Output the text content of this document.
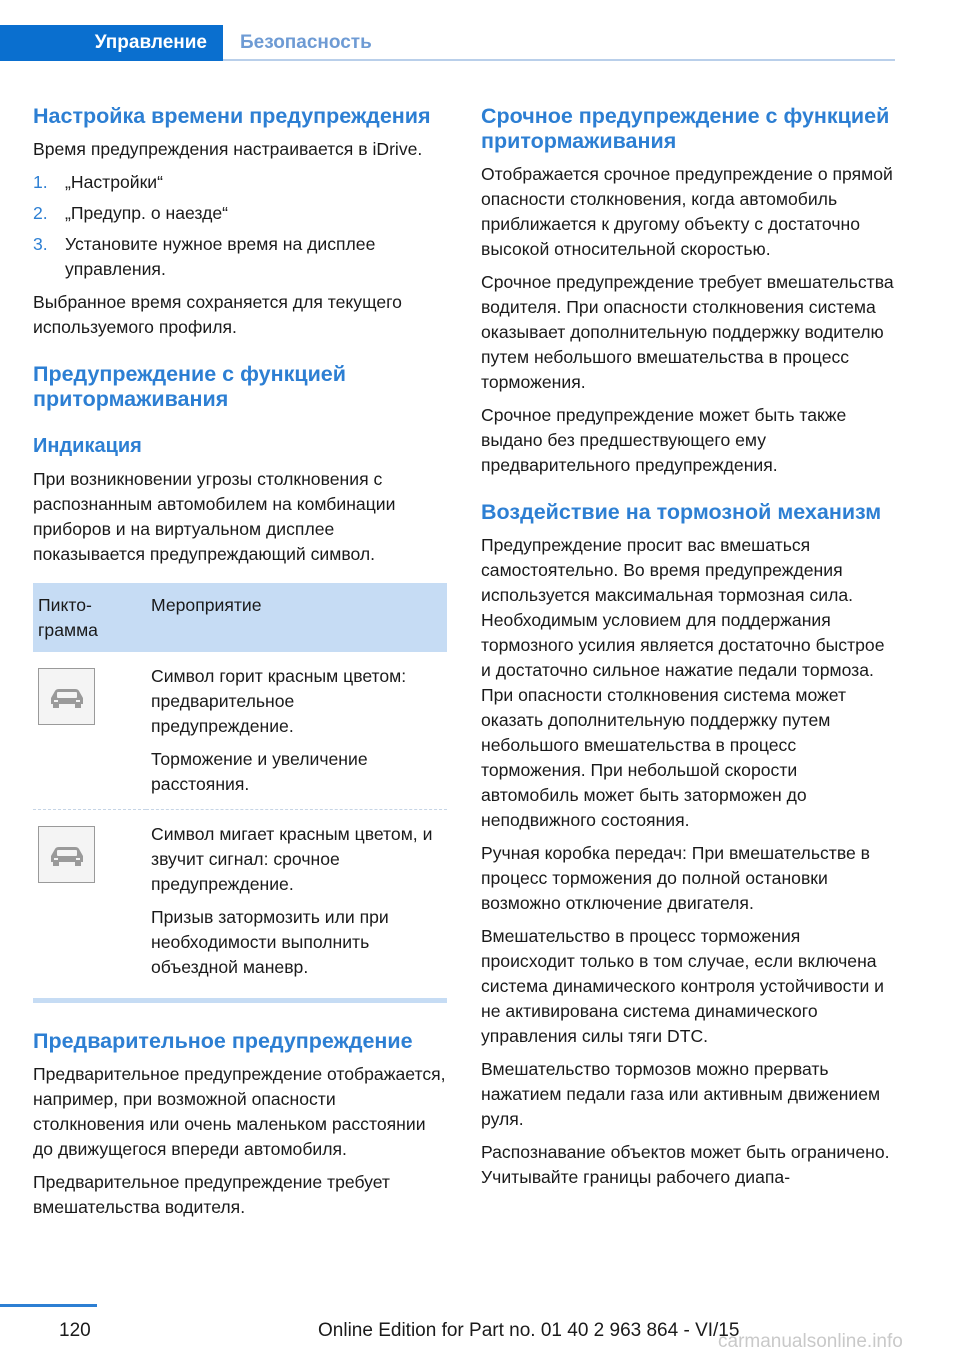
Управление	Безопасность
Настройка времени предупреждения

Время предупреждения настраивается в iDrive.

1. „Настройки“
2. „Предупр. о наезде“
3. Установите нужное время на дисплее управления.

Выбранное время сохраняется для текущего используемого профиля.

Предупреждение с функцией притормаживания
Индикация

При возникновении угрозы столкновения с распознанным автомобилем на комбинации приборов и на виртуальном дисплее показывается предупреждающий символ.

Пикто-грамма	Мероприятие

Символ горит красным цветом: предварительное предупреждение.

Торможение и увеличение расстояния.

Символ мигает красным цветом, и звучит сигнал: срочное предупреждение.

Призыв затормозить или при необходимости выполнить объездной маневр.

Предварительное предупреждение

Предварительное предупреждение отображается, например, при возможной опасности столкновения или очень маленьком расстоянии до движущегося впереди автомобиля.

Предварительное предупреждение требует вмешательства водителя.

Срочное предупреждение с функцией притормаживания

Отображается срочное предупреждение о прямой опасности столкновения, когда автомобиль приближается к другому объекту с достаточно высокой относительной скоростью.

Срочное предупреждение требует вмешательства водителя. При опасности столкновения система оказывает дополнительную поддержку водителю путем небольшого вмешательства в процесс торможения.

Срочное предупреждение может быть также выдано без предшествующего ему предварительного предупреждения.

Воздействие на тормозной механизм

Предупреждение просит вас вмешаться самостоятельно. Во время предупреждения используется максимальная тормозная сила. Необходимым условием для поддержания тормозного усилия является достаточно быстрое и достаточно сильное нажатие педали тормоза. При опасности столкновения система может оказать дополнительную поддержку путем небольшого вмешательства в процесс торможения. При небольшой скорости автомобиль может быть заторможен до неподвижного состояния.

Ручная коробка передач: При вмешательстве в процесс торможения до полной остановки возможно отключение двигателя.

Вмешательство в процесс торможения происходит только в том случае, если включена система динамического контроля устойчивости и не активирована система динамического управления силы тяги DTC.

Вмешательство тормозов можно прервать нажатием педали газа или активным движением руля.

Распознавание объектов может быть ограничено. Учитывайте границы рабочего диапа-

120	Online Edition for Part no. 01 40 2 963 864 - VI/15
carmanualsonline.info
